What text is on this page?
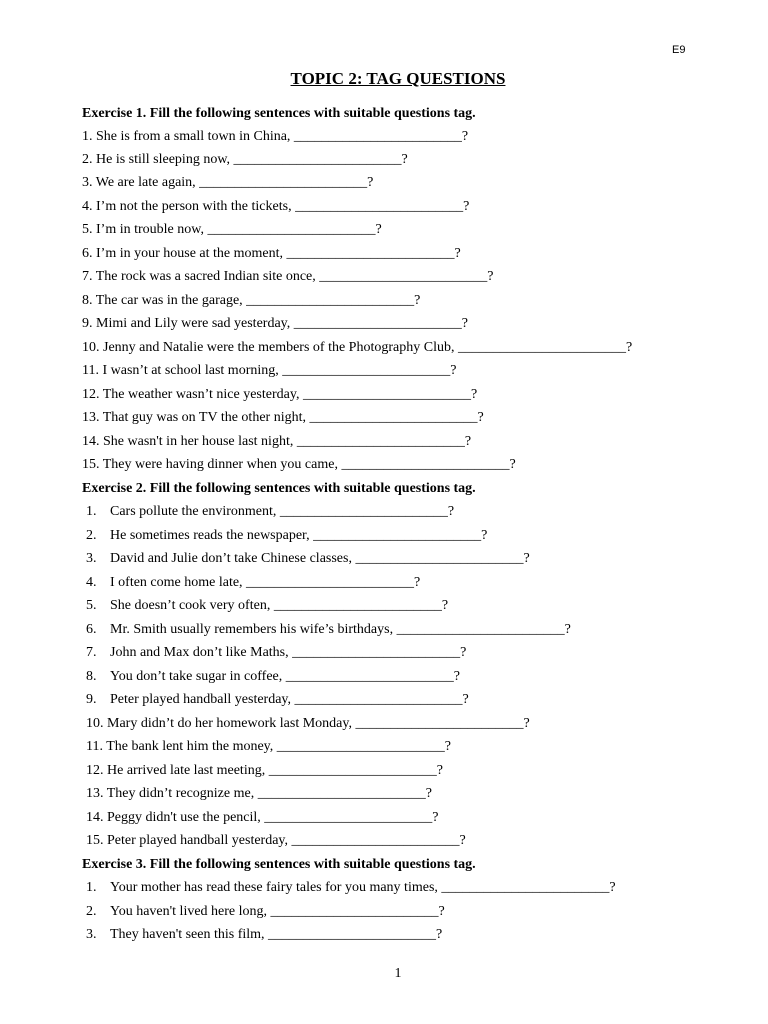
E9
TOPIC 2: TAG QUESTIONS
Exercise 1. Fill the following sentences with suitable questions tag.
1. She is from a small town in China, ________________________?
2. He is still sleeping now, ________________________?
3. We are late again, ________________________?
4. I’m not the person with the tickets, ________________________?
5. I’m in trouble now, ________________________?
6. I’m in your house at the moment, ________________________?
7. The rock was a sacred Indian site once, ________________________?
8. The car was in the garage, ________________________?
9. Mimi and Lily were sad yesterday, ________________________?
10. Jenny and Natalie were the members of the Photography Club, ________________________?
11. I wasn’t at school last morning, ________________________?
12. The weather wasn’t nice yesterday, ________________________?
13. That guy was on TV the other night, ________________________?
14. She wasn't in her house last night, ________________________?
15. They were having dinner when you came, ________________________?
Exercise 2. Fill the following sentences with suitable questions tag.
1. Cars pollute the environment, ________________________?
2. He sometimes reads the newspaper, ________________________?
3. David and Julie don’t take Chinese classes, ________________________?
4. I often come home late, ________________________?
5. She doesn’t cook very often, ________________________?
6. Mr. Smith usually remembers his wife’s birthdays, ________________________?
7. John and Max don’t like Maths, ________________________?
8. You don’t take sugar in coffee, ________________________?
9. Peter played handball yesterday, ________________________?
10. Mary didn’t do her homework last Monday, ________________________?
11. The bank lent him the money, ________________________?
12. He arrived late last meeting, ________________________?
13. They didn’t recognize me, ________________________?
14. Peggy didn't use the pencil, ________________________?
15. Peter played handball yesterday, ________________________?
Exercise 3. Fill the following sentences with suitable questions tag.
1. Your mother has read these fairy tales for you many times, ________________________?
2. You haven't lived here long, ________________________?
3. They haven't seen this film, ________________________?
1
